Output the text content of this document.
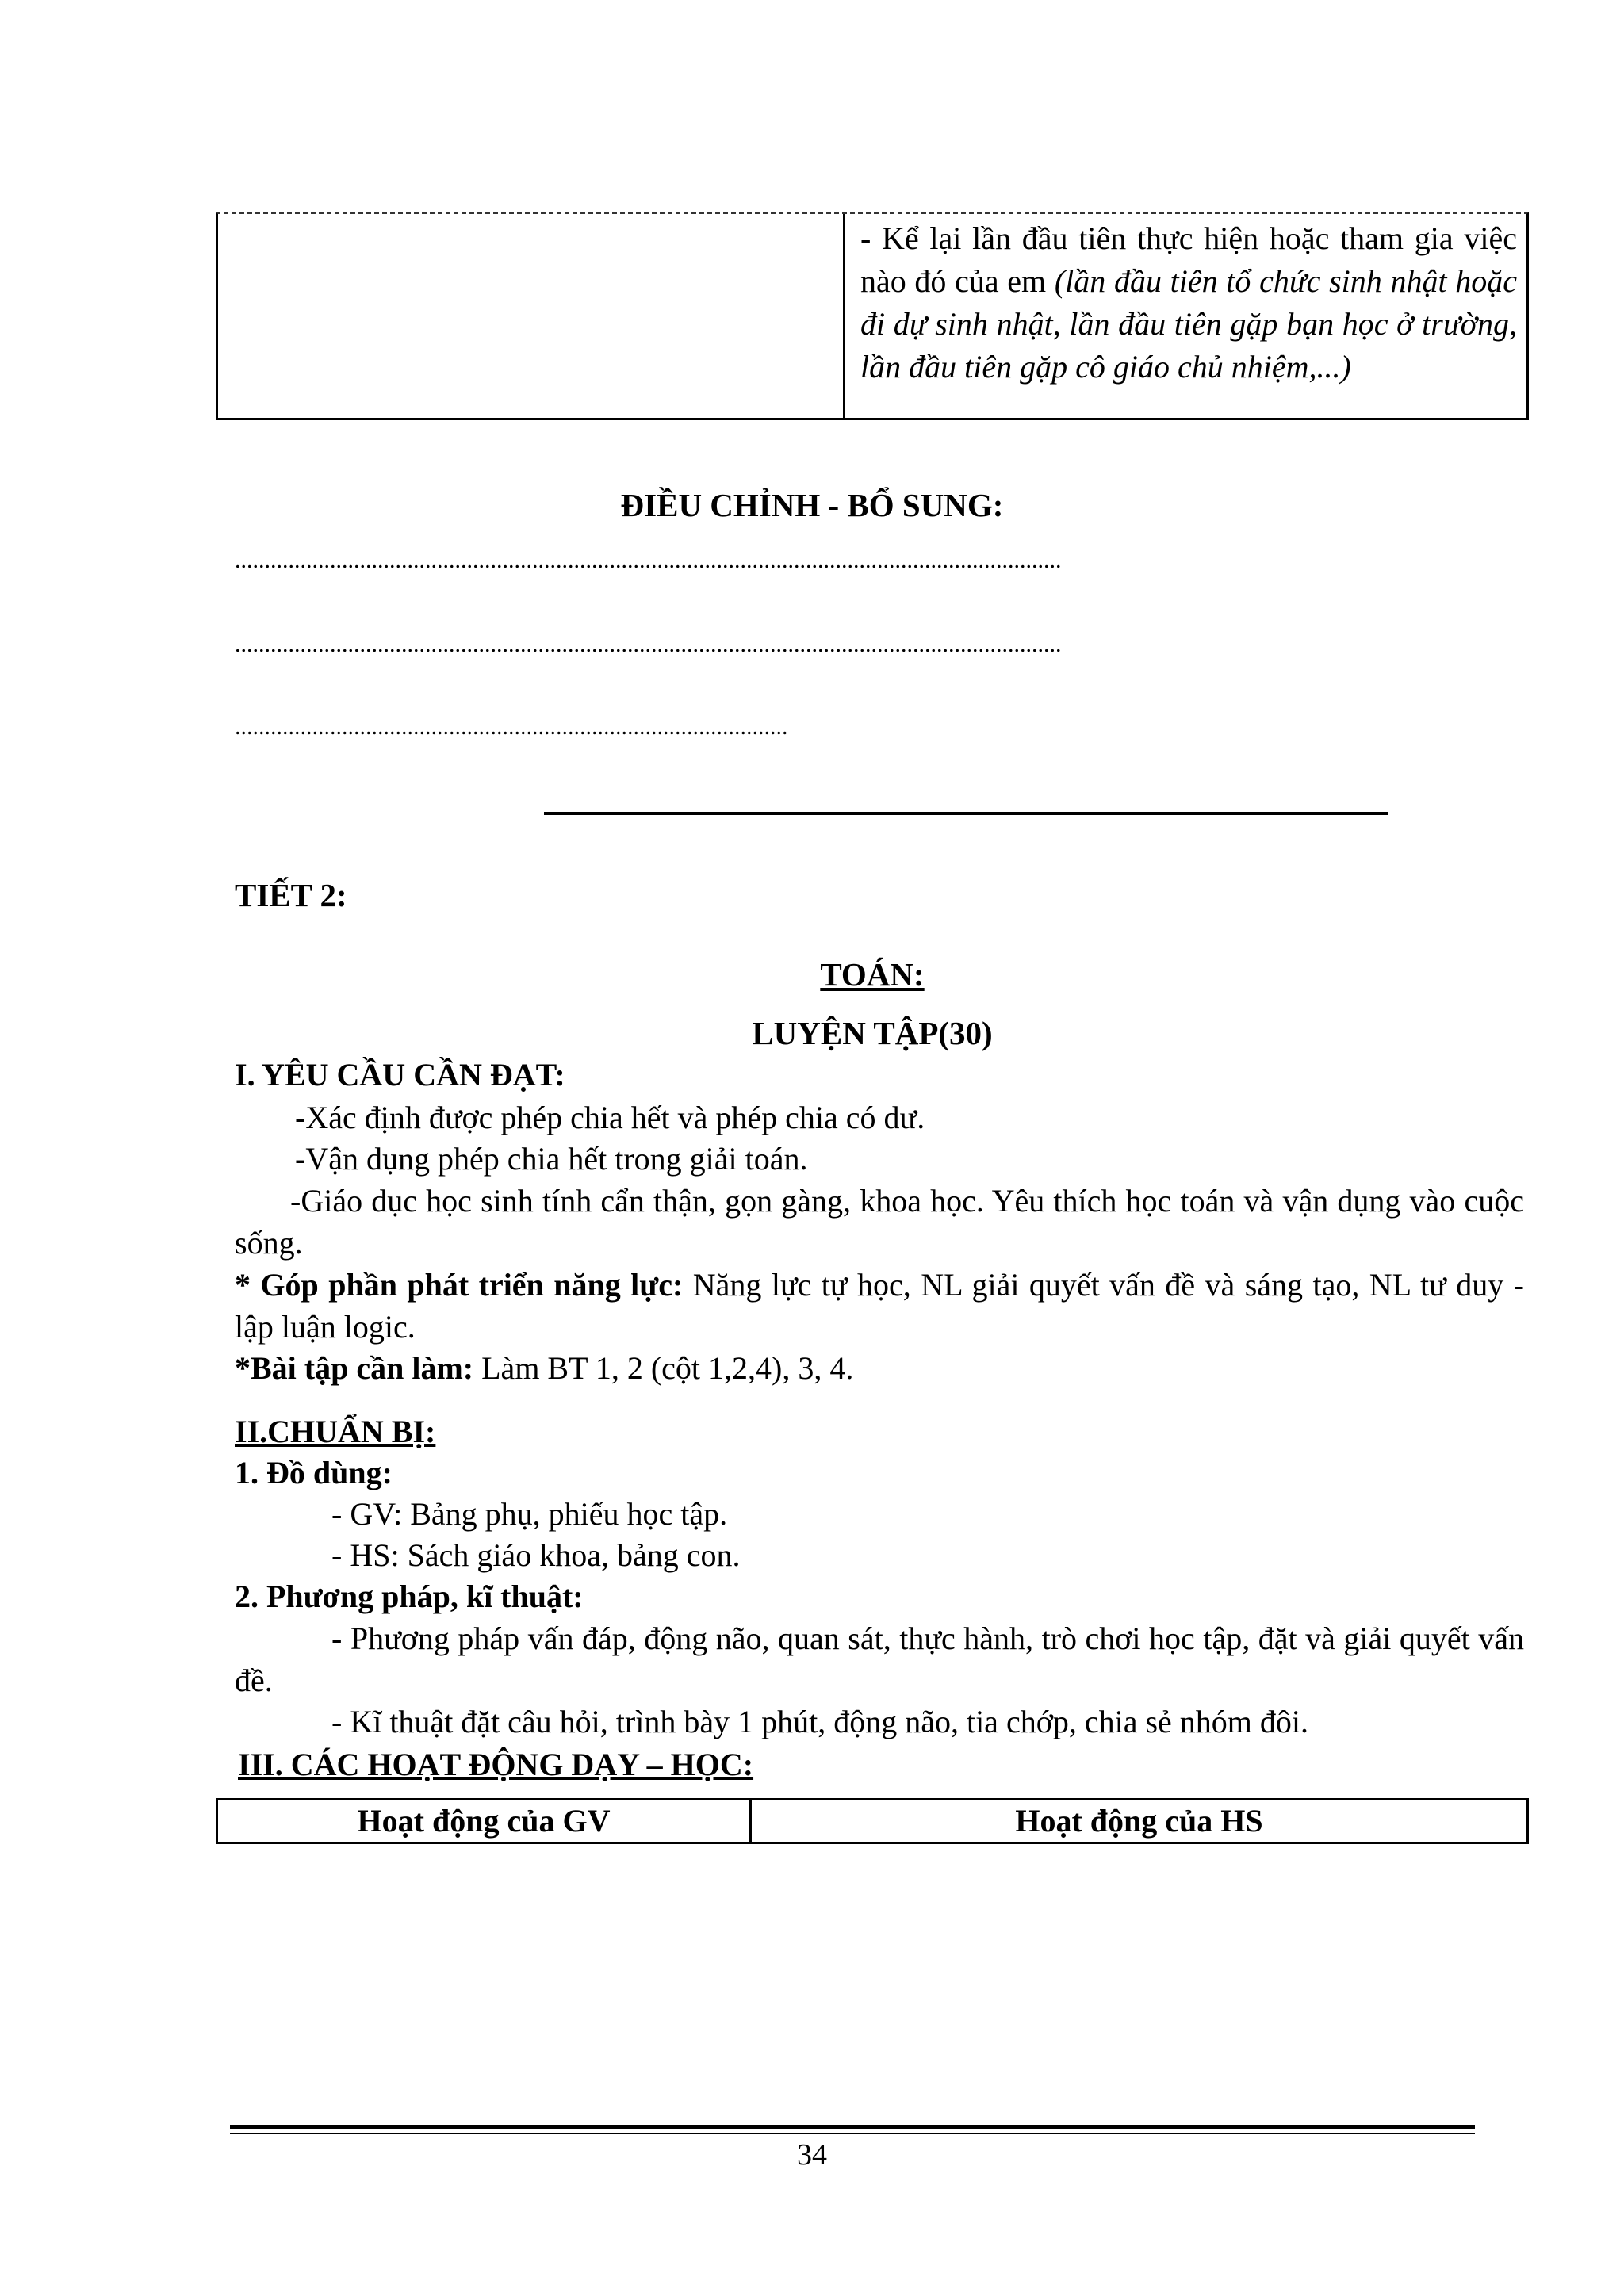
- Kể lại lần đầu tiên thực hiện hoặc tham gia việc nào đó của em (lần đầu tiên tổ chức sinh nhật hoặc đi dự sinh nhật, lần đầu tiên gặp bạn học ở trường, lần đầu tiên gặp cô giáo chủ nhiệm,...)
ĐIỀU CHỈNH - BỔ SUNG:
...........................................................................................................................................
...........................................................................................................................................
.............................................................................................
TIẾT 2:
TOÁN:
LUYỆN TẬP(30)
I. YÊU CẦU CẦN ĐẠT:
-Xác định được phép chia hết và phép chia có dư.
-Vận dụng phép chia hết trong giải toán.
-Giáo dục học sinh tính cẩn thận, gọn gàng, khoa học. Yêu thích học toán và vận dụng vào cuộc sống.
* Góp phần phát triển năng lực: Năng lực tự học, NL giải quyết vấn đề và sáng tạo, NL tư duy - lập luận logic.
*Bài tập cần làm: Làm BT 1, 2 (cột 1,2,4), 3, 4.
II.CHUẨN BỊ:
1. Đồ dùng:
- GV: Bảng phụ, phiếu học tập.
- HS: Sách giáo khoa, bảng con.
2. Phương pháp, kĩ thuật:
- Phương pháp vấn đáp, động não, quan sát, thực hành, trò chơi học tập, đặt và giải quyết vấn đề.
- Kĩ thuật đặt câu hỏi, trình bày 1 phút, động não, tia chớp, chia sẻ nhóm đôi.
III. CÁC HOẠT ĐỘNG DẠY – HỌC:
Hoạt động của GV	Hoạt động của HS
34
